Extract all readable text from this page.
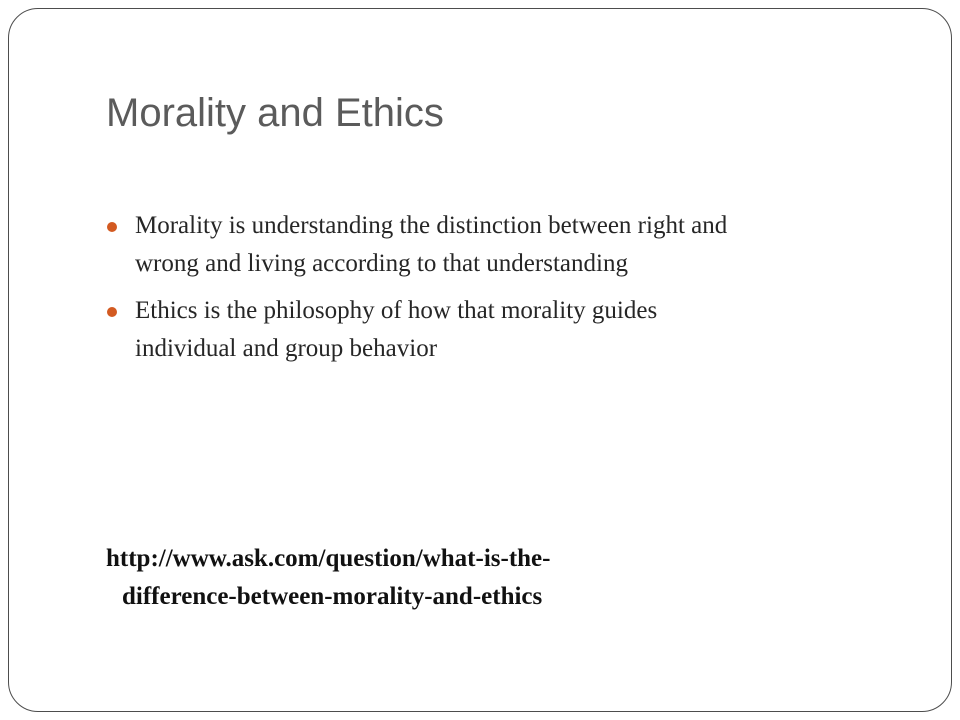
Morality and Ethics
Morality is understanding the distinction between right and
wrong and living according to that understanding
Ethics is the philosophy of how that morality guides
individual and group behavior

http://www.ask.com/question/what-is-the-
difference-between-morality-and-ethics
